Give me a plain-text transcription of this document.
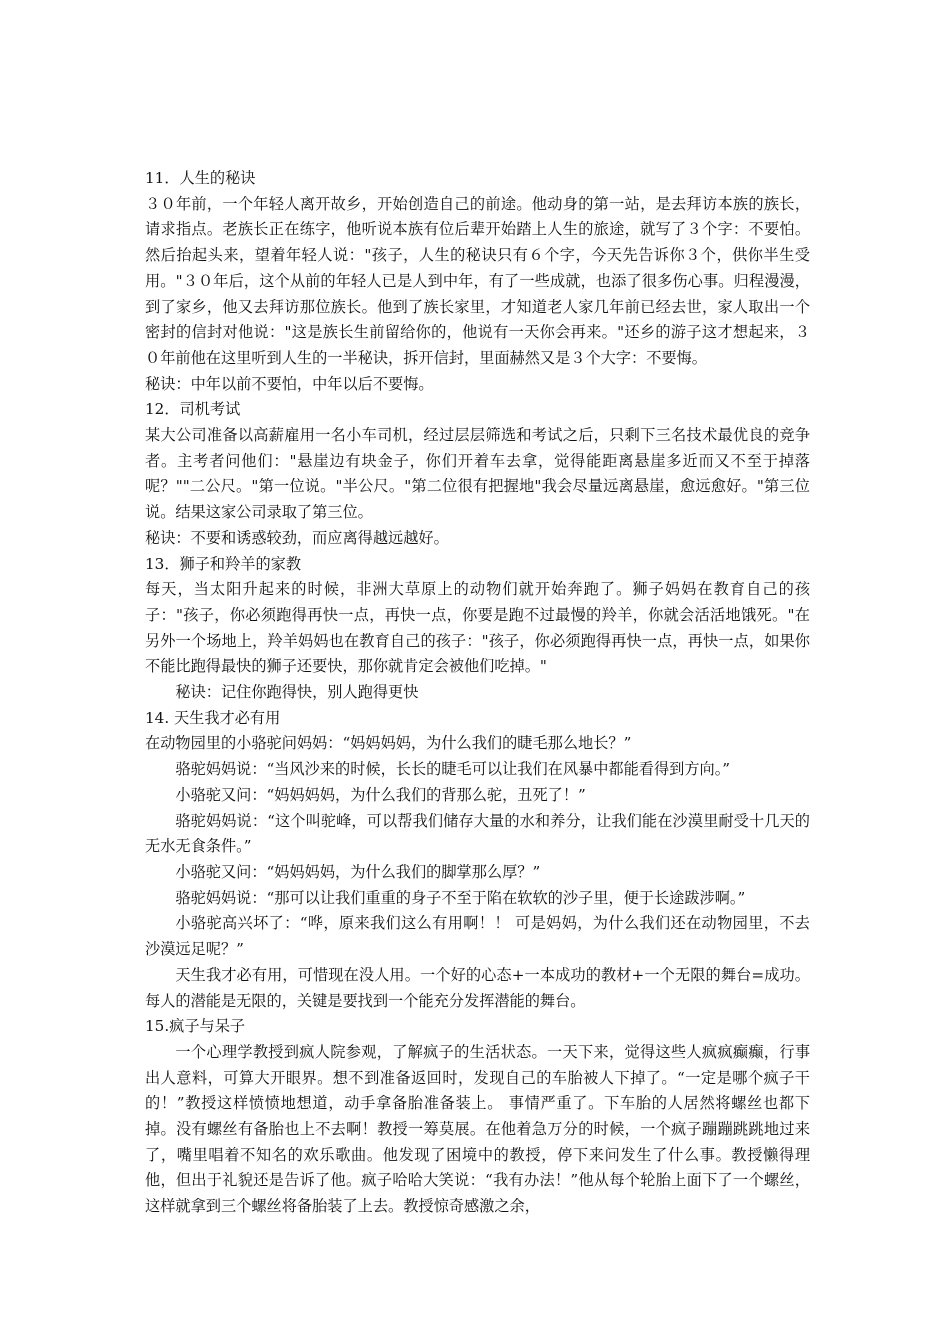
11．人生的秘诀

３０年前，一个年轻人离开故乡，开始创造自己的前途。他动身的第一站，是去拜访本族的族长，请求指点。老族长正在练字，他听说本族有位后辈开始踏上人生的旅途，就写了３个字：不要怕。然后抬起头来，望着年轻人说："孩子，人生的秘诀只有６个字，今天先告诉你３个，供你半生受用。"３０年后，这个从前的年轻人已是人到中年，有了一些成就，也添了很多伤心事。归程漫漫，到了家乡，他又去拜访那位族长。他到了族长家里，才知道老人家几年前已经去世，家人取出一个密封的信封对他说："这是族长生前留给你的，他说有一天你会再来。"还乡的游子这才想起来，３０年前他在这里听到人生的一半秘诀，拆开信封，里面赫然又是３个大字：不要悔。

秘诀：中年以前不要怕，中年以后不要悔。

12．司机考试

某大公司准备以高薪雇用一名小车司机，经过层层筛选和考试之后，只剩下三名技术最优良的竞争者。主考者问他们："悬崖边有块金子，你们开着车去拿，觉得能距离悬崖多近而又不至于掉落呢？""二公尺。"第一位说。"半公尺。"第二位很有把握地"我会尽量远离悬崖，愈远愈好。"第三位说。结果这家公司录取了第三位。

秘诀：不要和诱惑较劲，而应离得越远越好。

13．狮子和羚羊的家教

每天，当太阳升起来的时候，非洲大草原上的动物们就开始奔跑了。狮子妈妈在教育自己的孩子："孩子，你必须跑得再快一点，再快一点，你要是跑不过最慢的羚羊，你就会活活地饿死。"在另外一个场地上，羚羊妈妈也在教育自己的孩子："孩子，你必须跑得再快一点，再快一点，如果你不能比跑得最快的狮子还要快，那你就肯定会被他们吃掉。"

秘诀：记住你跑得快，别人跑得更快

14. 天生我才必有用

在动物园里的小骆驼问妈妈：“妈妈妈妈，为什么我们的睫毛那么地长？”

骆驼妈妈说：“当风沙来的时候，长长的睫毛可以让我们在风暴中都能看得到方向。”

小骆驼又问：“妈妈妈妈，为什么我们的背那么驼，丑死了！”

骆驼妈妈说：“这个叫驼峰，可以帮我们储存大量的水和养分，让我们能在沙漠里耐受十几天的无水无食条件。”

小骆驼又问：“妈妈妈妈，为什么我们的脚掌那么厚？”

骆驼妈妈说：“那可以让我们重重的身子不至于陷在软软的沙子里，便于长途跋涉啊。”

小骆驼高兴坏了：“哗，原来我们这么有用啊！！ 可是妈妈，为什么我们还在动物园里，不去沙漠远足呢？”

天生我才必有用，可惜现在没人用。一个好的心态+一本成功的教材+一个无限的舞台=成功。每人的潜能是无限的，关键是要找到一个能充分发挥潜能的舞台。

15.疯子与呆子

一个心理学教授到疯人院参观，了解疯子的生活状态。一天下来，觉得这些人疯疯癫癫，行事出人意料，可算大开眼界。想不到准备返回时，发现自己的车胎被人下掉了。“一定是哪个疯子干的！”教授这样愤愤地想道，动手拿备胎准备装上。 事情严重了。下车胎的人居然将螺丝也都下掉。没有螺丝有备胎也上不去啊！教授一筹莫展。在他着急万分的时候，一个疯子蹦蹦跳跳地过来了，嘴里唱着不知名的欢乐歌曲。他发现了困境中的教授，停下来问发生了什么事。教授懒得理他，但出于礼貌还是告诉了他。疯子哈哈大笑说：“我有办法！”他从每个轮胎上面下了一个螺丝，这样就拿到三个螺丝将备胎装了上去。教授惊奇感激之余，
